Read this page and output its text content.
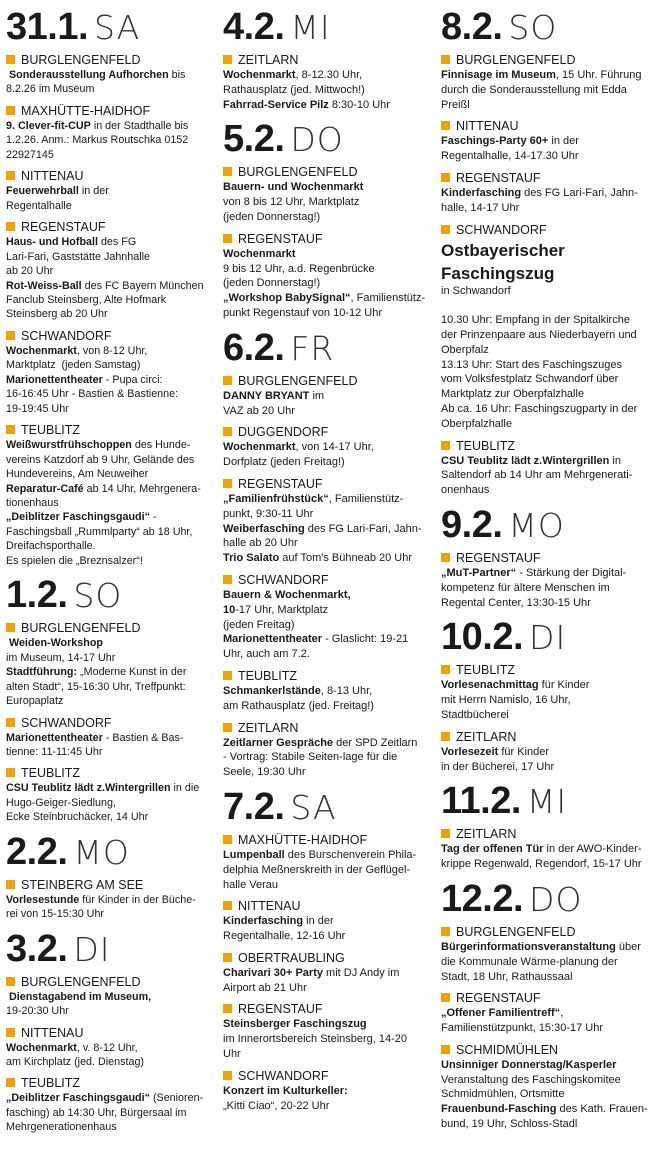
31.1. SA
BURGLENGENFELD
Sonderausstellung Aufhorchen bis
8.2.26 im Museum
MAXHÜTTE-HAIDHOF
9. Clever-fit-CUP in der Stadthalle bis
1.2.26. Anm.: Markus Routschka 0152
22927145
NITTENAU
Feuerwehrball in der
Regentalhalle
REGENSTAUF
Haus- und Hofball des FG
Lari-Fari, Gaststätte Jahnhalle
ab 20 Uhr
Rot-Weiss-Ball des FC Bayern München
Fanclub Steinsberg, Alte Hofmark
Steinsberg ab 20 Uhr
SCHWANDORF
Wochenmarkt, von 8-12 Uhr,
Marktplatz  (jeden Samstag)
Marionettentheater - Pupa circi:
16-16:45 Uhr - Bastien & Bastienne:
19-19:45 Uhr
TEUBLITZ
Weißwurstfrühschoppen des Hunde-
vereins Katzdorf ab 9 Uhr, Gelände des
Hundevereins, Am Neuweiher
Reparatur-Café ab 14 Uhr, Mehrgenera-
tionenhaus
„Deiblitzer Faschingsgaudi“ -
Faschingsball „Rummlparty“ ab 18 Uhr,
Dreifachsporthalle.
Es spielen die „Breznsalzer“!
1.2. SO
BURGLENGENFELD
Weiden-Workshop
im Museum, 14-17 Uhr
Stadtführung: „Moderne Kunst in der
alten Stadt“, 15-16:30 Uhr, Treffpunkt:
Europaplatz
SCHWANDORF
Marionettentheater - Bastien & Bas-
tienne: 11-11:45 Uhr
TEUBLITZ
CSU Teublitz lädt z.Wintergrillen in die
Hugo-Geiger-Siedlung,
Ecke Steinbruchäcker, 14 Uhr
2.2. MO
STEINBERG AM SEE
Vorlesestunde für Kinder in der Büche-
rei von 15-15:30 Uhr
3.2. DI
BURGLENGENFELD
Dienstagabend im Museum,
19-20:30 Uhr
NITTENAU
Wochenmarkt, v. 8-12 Uhr,
am Kirchplatz (jed. Dienstag)
TEUBLITZ
„Deiblitzer Faschingsgaudi“ (Senioren-
fasching) ab 14:30 Uhr, Bürgersaal im
Mehrgenerationenhaus
4.2. MI
ZEITLARN
Wochenmarkt, 8-12.30 Uhr,
Rathausplatz (jed. Mittwoch!)
Fahrrad-Service Pilz 8:30-10 Uhr
5.2. DO
BURGLENGENFELD
Bauern- und Wochenmarkt
von 8 bis 12 Uhr, Marktplatz
(jeden Donnerstag!)
REGENSTAUF
Wochenmarkt
9 bis 12 Uhr, a.d. Regenbrücke
(jeden Donnerstag!)
„Workshop BabySignal“, Familienstütz-
punkt Regenstauf von 10-12 Uhr
6.2. FR
BURGLENGENFELD
DANNY BRYANT im
VAZ ab 20 Uhr
DUGGENDORF
Wochenmarkt, von 14-17 Uhr,
Dorfplatz (jeden Freitag!)
REGENSTAUF
„Familienfrühstück“, Familienstütz-
punkt, 9:30-11 Uhr
Weiberfasching des FG Lari-Fari, Jahn-
halle ab 20 Uhr
Trio Salato auf Tom's Bühneab 20 Uhr
SCHWANDORF
Bauern & Wochenmarkt,
10-17 Uhr, Marktplatz
(jeden Freitag)
Marionettentheater - Glaslicht: 19-21
Uhr, auch am 7.2.
TEUBLITZ
Schmankerlstände, 8-13 Uhr,
am Rathausplatz (jed. Freitag!)
ZEITLARN
Zeitlarner Gespräche der SPD Zeitlarn
- Vortrag: Stabile Seiten-lage für die
Seele, 19:30 Uhr
7.2. SA
MAXHÜTTE-HAIDHOF
Lumpenball des Burschenverein Phila-
delphia Meßnerskreith in der Geflügel-
halle Verau
NITTENAU
Kinderfasching in der
Regentalhalle, 12-16 Uhr
OBERTRAUBLING
Charivari 30+ Party mit DJ Andy im
Airport ab 21 Uhr
REGENSTAUF
Steinsberger Faschingszug
im Innerortsbereich Steinsberg, 14-20
Uhr
SCHWANDORF
Konzert im Kulturkeller:
„Kitti Ciao“, 20-22 Uhr
8.2. SO
BURGLENGENFELD
Finnisage im Museum, 15 Uhr. Führung
durch die Sonderausstellung mit Edda
Preißl
NITTENAU
Faschings-Party 60+ in der
Regentalhalle, 14-17.30 Uhr
REGENSTAUF
Kinderfasching des FG Lari-Fari, Jahn-
halle, 14-17 Uhr
SCHWANDORF
Ostbayerischer
Faschingszug
in Schwandorf

10.30 Uhr: Empfang in der Spitalkirche
der Prinzenpaare aus Niederbayern und
Oberpfalz
13.13 Uhr: Start des Faschingszuges
vom Volksfestplatz Schwandorf über
Marktplatz zur Oberpfalzhalle
Ab ca. 16 Uhr: Faschingszugparty in der
Oberpfalzhalle
TEUBLITZ
CSU Teublitz lädt z.Wintergrillen in
Saltendorf ab 14 Uhr am Mehrgenerati-
onenhaus
9.2. MO
REGENSTAUF
„MuT-Partner“ - Stärkung der Digital-
kompetenz für ältere Menschen im
Regental Center, 13:30-15 Uhr
10.2. DI
TEUBLITZ
Vorlesenachmittag für Kinder
mit Herrn Namislo, 16 Uhr,
Stadtbücherei
ZEITLARN
Vorlesezeit für Kinder
in der Bücherei, 17 Uhr
11.2. MI
ZEITLARN
Tag der offenen Tür in der AWO-Kinder-
krippe Regenwald, Regendorf, 15-17 Uhr
12.2. DO
BURGLENGENFELD
Bürgerinformationsveranstaltung über
die Kommunale Wärme-planung der
Stadt, 18 Uhr, Rathaussaal
REGENSTAUF
„Offener Familientreff“,
Familienstützpunkt, 15:30-17 Uhr
SCHMIDMÜHLEN
Unsinniger Donnerstag/Kasperler
Veranstaltung des Faschingskomitee
Schmidmühlen, Ortsmitte
Frauenbund-Fasching des Kath. Frauen-
bund, 19 Uhr, Schloss-Stadl
